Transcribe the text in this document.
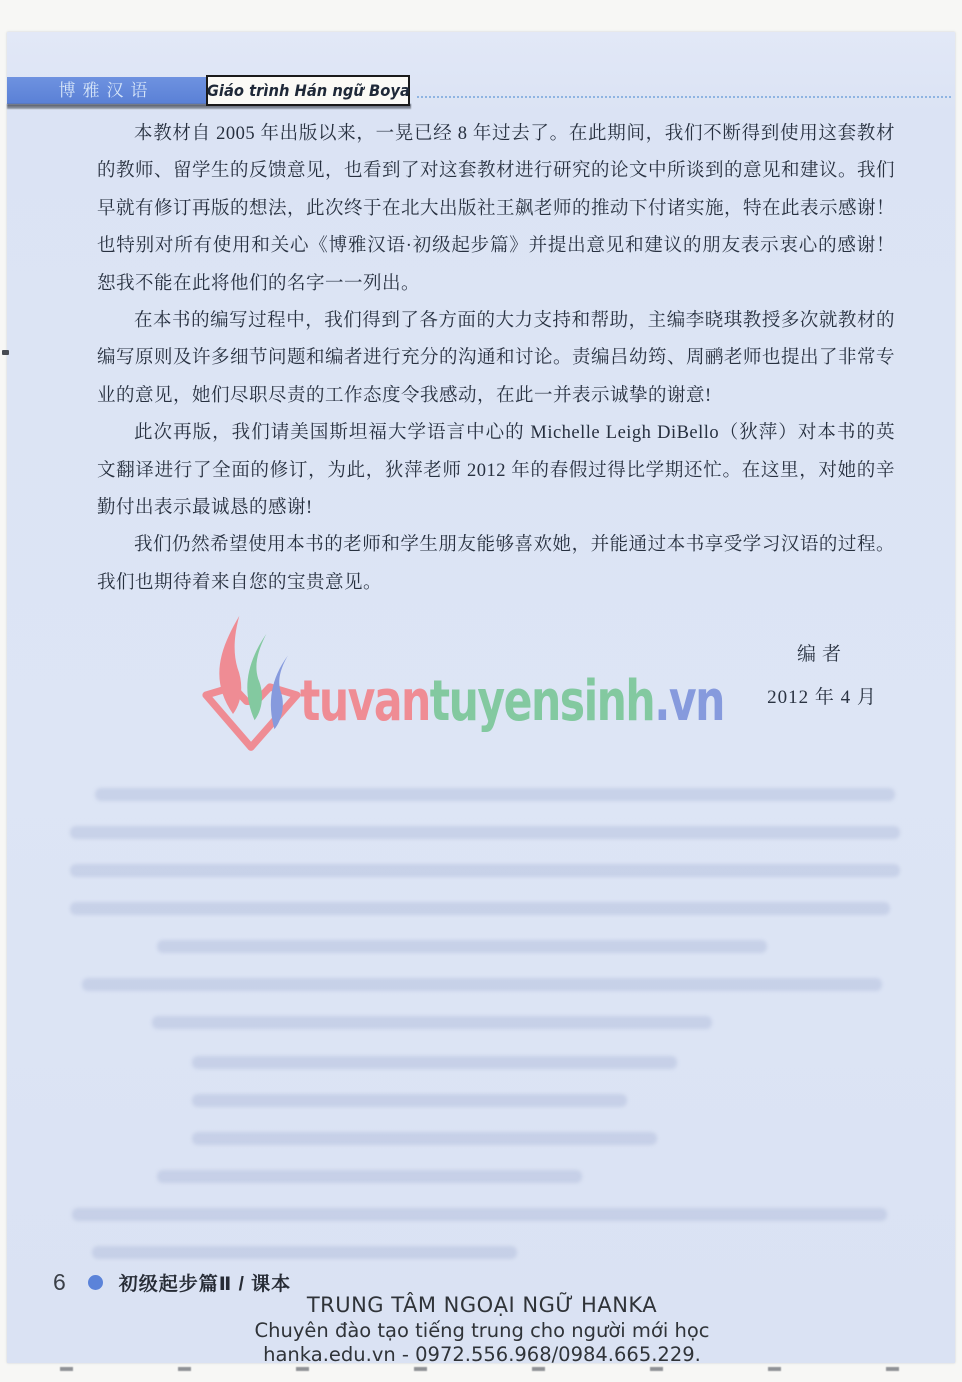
博雅汉语	Giáo trình Hán ngữ Boya

本教材自 2005 年出版以来，一晃已经 8 年过去了。在此期间，我们不断得到使用这套教材的教师、留学生的反馈意见，也看到了对这套教材进行研究的论文中所谈到的意见和建议。我们早就有修订再版的想法，此次终于在北大出版社王飙老师的推动下付诸实施，特在此表示感谢！也特别对所有使用和关心《博雅汉语·初级起步篇》并提出意见和建议的朋友表示衷心的感谢！恕我不能在此将他们的名字一一列出。

在本书的编写过程中，我们得到了各方面的大力支持和帮助，主编李晓琪教授多次就教材的编写原则及许多细节问题和编者进行充分的沟通和讨论。责编吕幼筠、周鹂老师也提出了非常专业的意见，她们尽职尽责的工作态度令我感动，在此一并表示诚挚的谢意!

此次再版，我们请美国斯坦福大学语言中心的 Michelle Leigh DiBello（狄萍）对本书的英文翻译进行了全面的修订，为此，狄萍老师 2012 年的春假过得比学期还忙。在这里，对她的辛勤付出表示最诚恳的感谢!

我们仍然希望使用本书的老师和学生朋友能够喜欢她，并能通过本书享受学习汉语的过程。我们也期待着来自您的宝贵意见。

编者
2012 年 4 月
tuvantuyensinh.vn
6	初级起步篇Ⅱ / 课本
TRUNG TÂM NGOẠI NGỮ HANKA
Chuyên đào tạo tiếng trung cho người mới học
hanka.edu.vn - 0972.556.968/0984.665.229.
